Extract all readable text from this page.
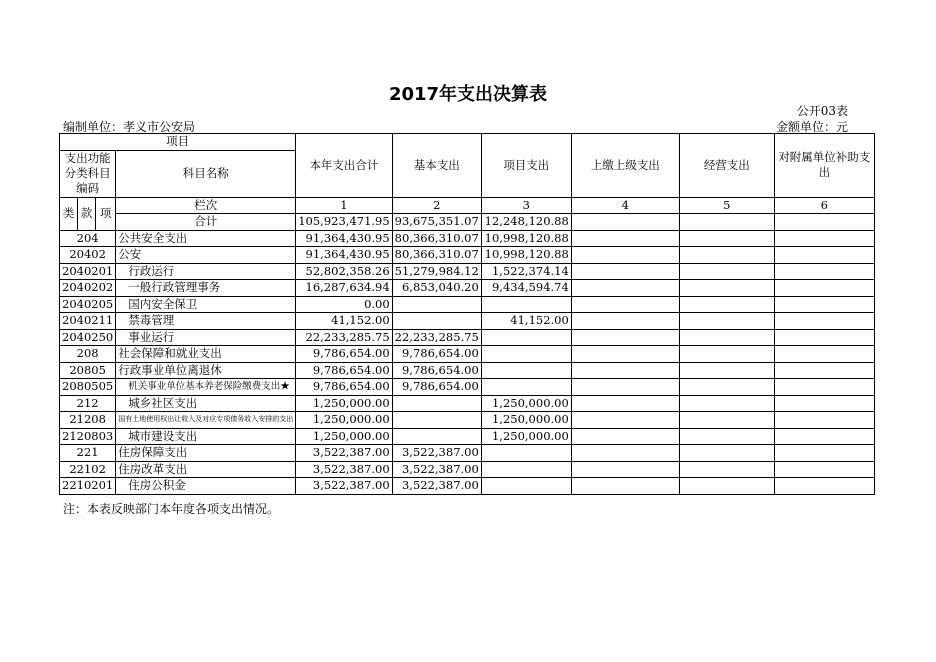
2017年支出决算表
公开03表
编制单位：孝义市公安局	金额单位：元
项目				本年支出合计	基本支出	项目支出	上缴上级支出	经营支出	对附属单位补助支出
支出功能分类科目编码			科目名称						

类	款	项	栏次	1	2	3	4	5	6
			合计	105,923,471.95	93,675,351.07	12,248,120.88			
204			公共安全支出	91,364,430.95	80,366,310.07	10,998,120.88			
20402			公安	91,364,430.95	80,366,310.07	10,998,120.88			
2040201			行政运行	52,802,358.26	51,279,984.12	1,522,374.14			
2040202			一般行政管理事务	16,287,634.94	6,853,040.20	9,434,594.74			
2040205			国内安全保卫	0.00					
2040211			禁毒管理	41,152.00		41,152.00			
2040250			事业运行	22,233,285.75	22,233,285.75				
208			社会保障和就业支出	9,786,654.00	9,786,654.00				
20805			行政事业单位离退休	9,786,654.00	9,786,654.00				
2080505			机关事业单位基本养老保险缴费支出★	9,786,654.00	9,786,654.00				
212			城乡社区支出	1,250,000.00		1,250,000.00			
21208			国有土地使用权出让收入及对应专项债务收入安排的支出	1,250,000.00		1,250,000.00			
2120803			城市建设支出	1,250,000.00		1,250,000.00			
221			住房保障支出	3,522,387.00	3,522,387.00				
22102			住房改革支出	3,522,387.00	3,522,387.00				
2210201			住房公积金	3,522,387.00	3,522,387.00				
注：本表反映部门本年度各项支出情况。
